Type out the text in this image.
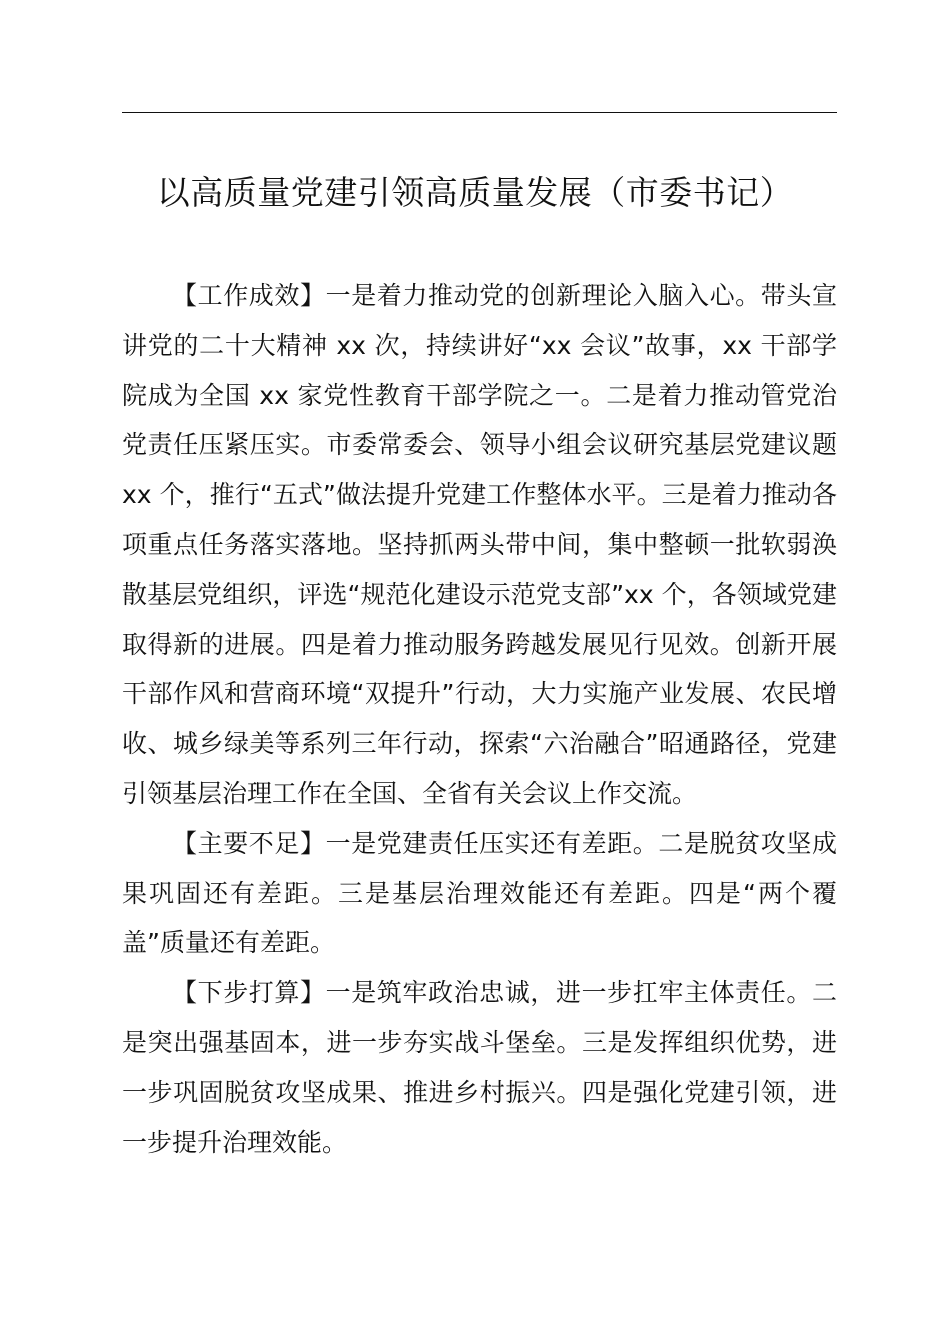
以高质量党建引领高质量发展（市委书记）

【工作成效】一是着力推动党的创新理论入脑入心。带头宣讲党的二十大精神 xx 次，持续讲好“xx 会议”故事，xx 干部学院成为全国 xx 家党性教育干部学院之一。二是着力推动管党治党责任压紧压实。市委常委会、领导小组会议研究基层党建议题 xx 个，推行“五式”做法提升党建工作整体水平。三是着力推动各项重点任务落实落地。坚持抓两头带中间，集中整顿一批软弱涣散基层党组织，评选“规范化建设示范党支部”xx 个，各领域党建取得新的进展。四是着力推动服务跨越发展见行见效。创新开展干部作风和营商环境“双提升”行动，大力实施产业发展、农民增收、城乡绿美等系列三年行动，探索“六治融合”昭通路径，党建引领基层治理工作在全国、全省有关会议上作交流。

【主要不足】一是党建责任压实还有差距。二是脱贫攻坚成果巩固还有差距。三是基层治理效能还有差距。四是“两个覆盖”质量还有差距。

【下步打算】一是筑牢政治忠诚，进一步扛牢主体责任。二是突出强基固本，进一步夯实战斗堡垒。三是发挥组织优势，进一步巩固脱贫攻坚成果、推进乡村振兴。四是强化党建引领，进一步提升治理效能。
